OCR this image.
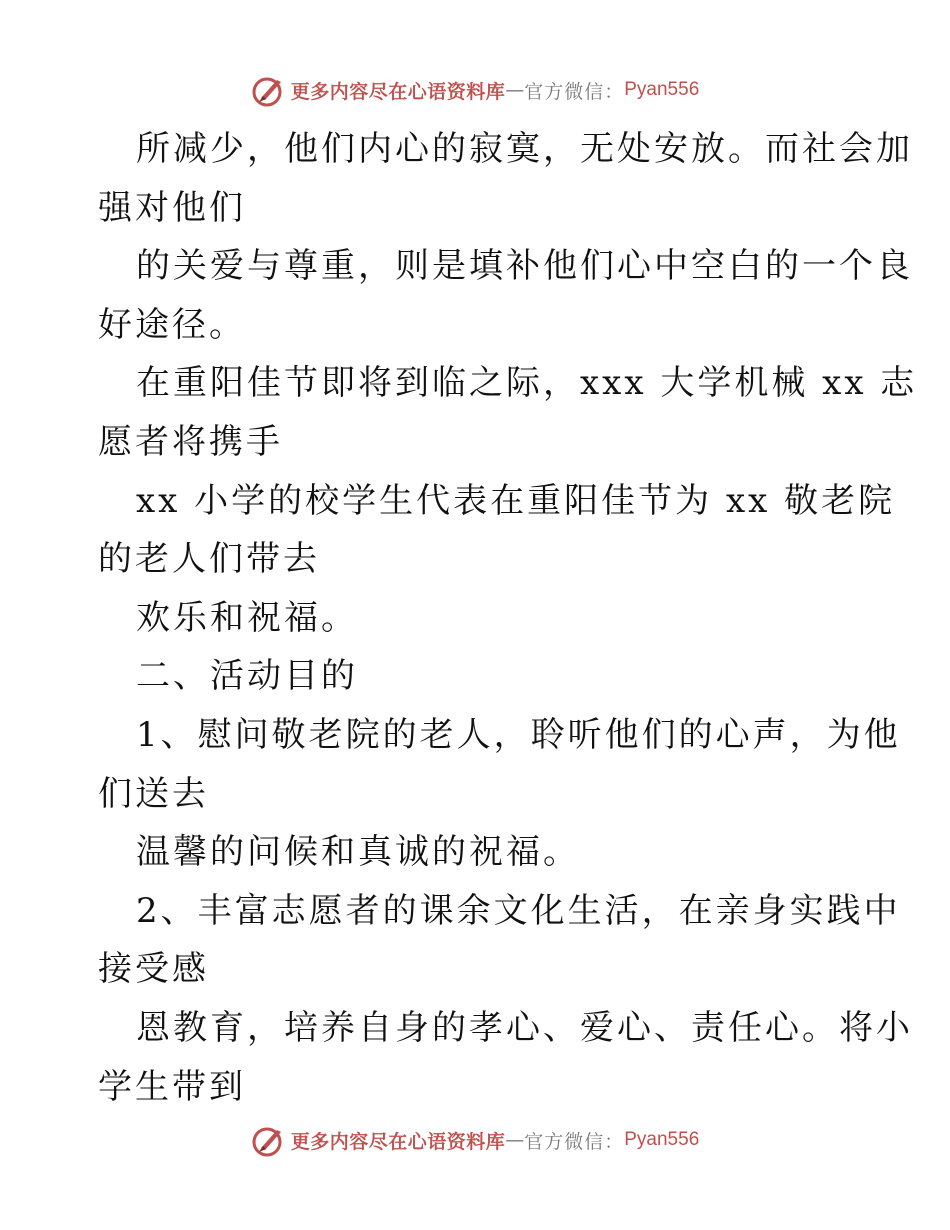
更多内容尽在心语资料库 — 官方微信： Pyan556
所减少，他们内心的寂寞，无处安放。而社会加
强对他们
的关爱与尊重，则是填补他们心中空白的一个良
好途径。
在重阳佳节即将到临之际，xxx 大学机械 xx 志
愿者将携手
xx 小学的校学生代表在重阳佳节为 xx 敬老院
的老人们带去
欢乐和祝福。
二、活动目的
1、慰问敬老院的老人，聆听他们的心声，为他
们送去
温馨的问候和真诚的祝福。
2、丰富志愿者的课余文化生活，在亲身实践中
接受感
恩教育，培养自身的孝心、爱心、责任心。将小
学生带到
更多内容尽在心语资料库 — 官方微信： Pyan556
